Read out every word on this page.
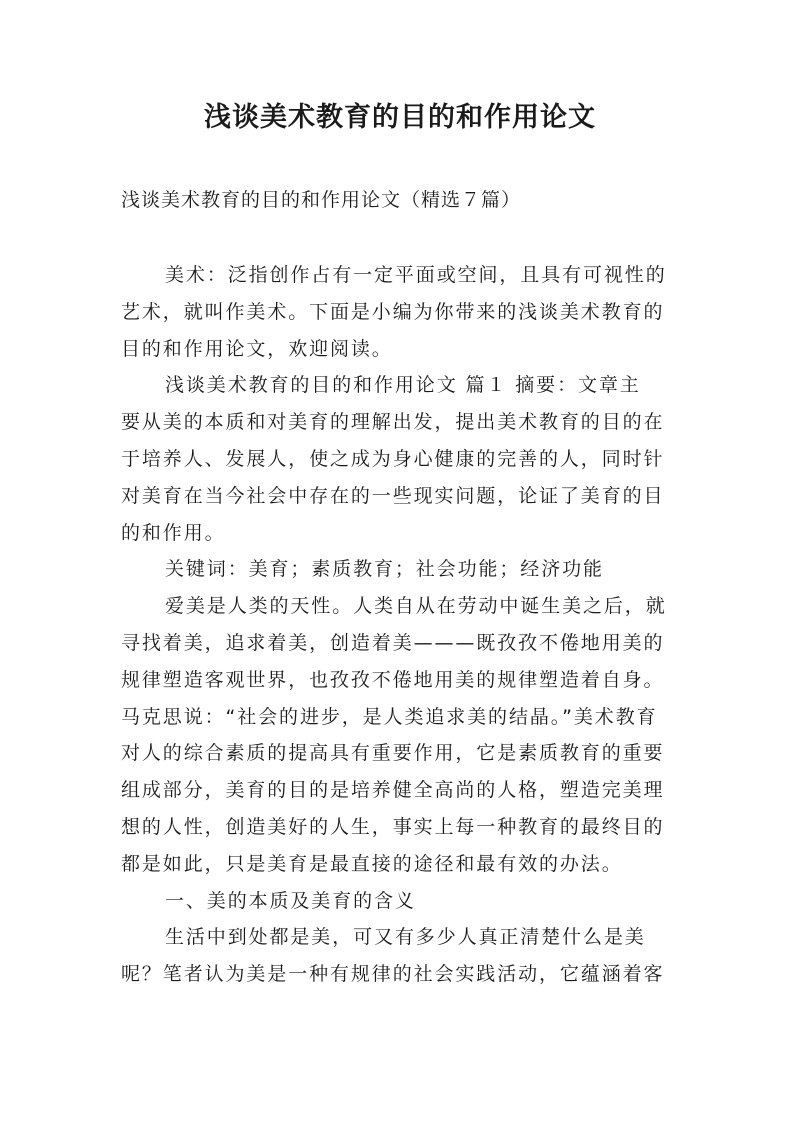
浅谈美术教育的目的和作用论文
浅谈美术教育的目的和作用论文（精选７篇）
美术：泛指创作占有一定平面或空间，且具有可视性的
艺术，就叫作美术。下面是小编为你带来的浅谈美术教育的
目的和作用论文，欢迎阅读。
浅谈美术教育的目的和作用论文 篇１ 摘要：文章主
要从美的本质和对美育的理解出发，提出美术教育的目的在
于培养人、发展人，使之成为身心健康的完善的人，同时针
对美育在当今社会中存在的一些现实问题，论证了美育的目
的和作用。
关键词：美育；素质教育；社会功能；经济功能
爱美是人类的天性。人类自从在劳动中诞生美之后，就
寻找着美，追求着美，创造着美———既孜孜不倦地用美的
规律塑造客观世界，也孜孜不倦地用美的规律塑造着自身。
马克思说：“社会的进步，是人类追求美的结晶。”美术教育
对人的综合素质的提高具有重要作用，它是素质教育的重要
组成部分，美育的目的是培养健全高尚的人格，塑造完美理
想的人性，创造美好的人生，事实上每一种教育的最终目的
都是如此，只是美育是最直接的途径和最有效的办法。
一、美的本质及美育的含义
生活中到处都是美，可又有多少人真正清楚什么是美
呢？笔者认为美是一种有规律的社会实践活动，它蕴涵着客
